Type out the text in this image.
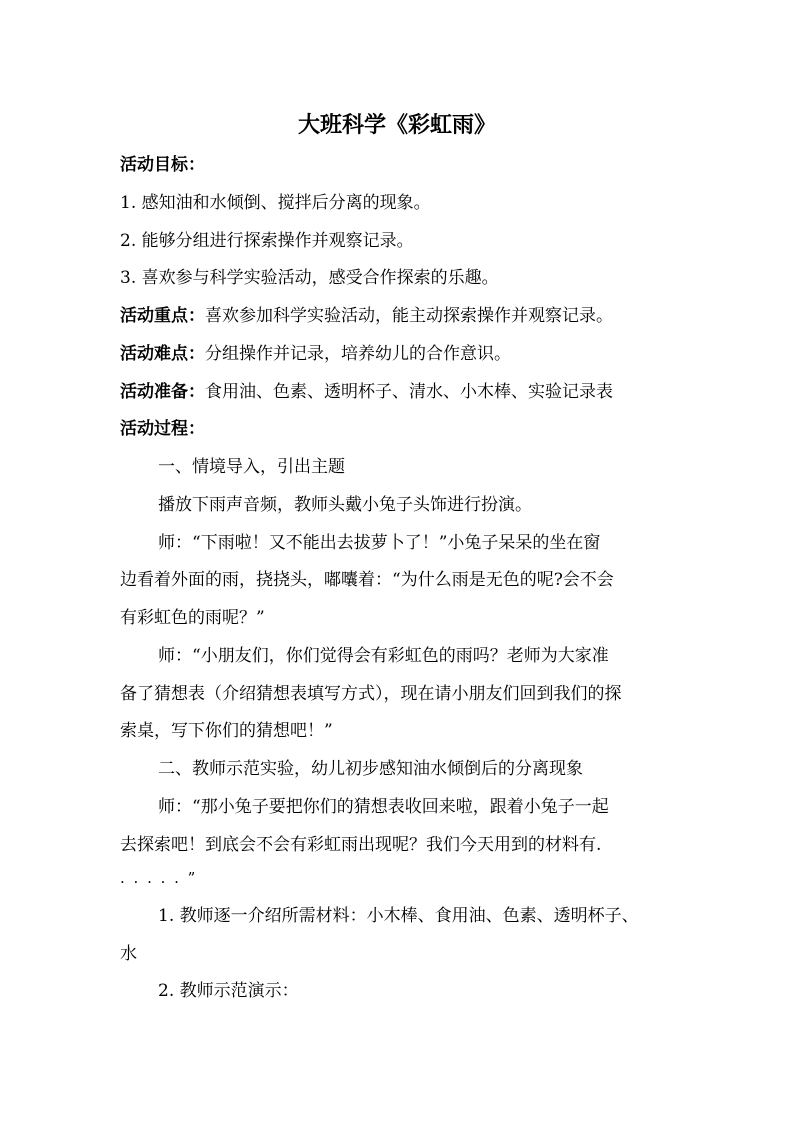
大班科学《彩虹雨》
活动目标：
1. 感知油和水倾倒、搅拌后分离的现象。
2. 能够分组进行探索操作并观察记录。
3. 喜欢参与科学实验活动，感受合作探索的乐趣。
活动重点：喜欢参加科学实验活动，能主动探索操作并观察记录。
活动难点：分组操作并记录，培养幼儿的合作意识。
活动准备：食用油、色素、透明杯子、清水、小木棒、实验记录表
活动过程：
一、情境导入，引出主题
播放下雨声音频，教师头戴小兔子头饰进行扮演。
师：“下雨啦！又不能出去拔萝卜了！”小兔子呆呆的坐在窗
边看着外面的雨，挠挠头，嘟囔着：“为什么雨是无色的呢?会不会
有彩虹色的雨呢？”
师：“小朋友们，你们觉得会有彩虹色的雨吗？老师为大家准
备了猜想表（介绍猜想表填写方式），现在请小朋友们回到我们的探
索桌，写下你们的猜想吧！”
二、教师示范实验，幼儿初步感知油水倾倒后的分离现象
师：“那小兔子要把你们的猜想表收回来啦，跟着小兔子一起
去探索吧！到底会不会有彩虹雨出现呢？我们今天用到的材料有.
. . . . . ”
1. 教师逐一介绍所需材料：小木棒、食用油、色素、透明杯子、
水
2. 教师示范演示：
